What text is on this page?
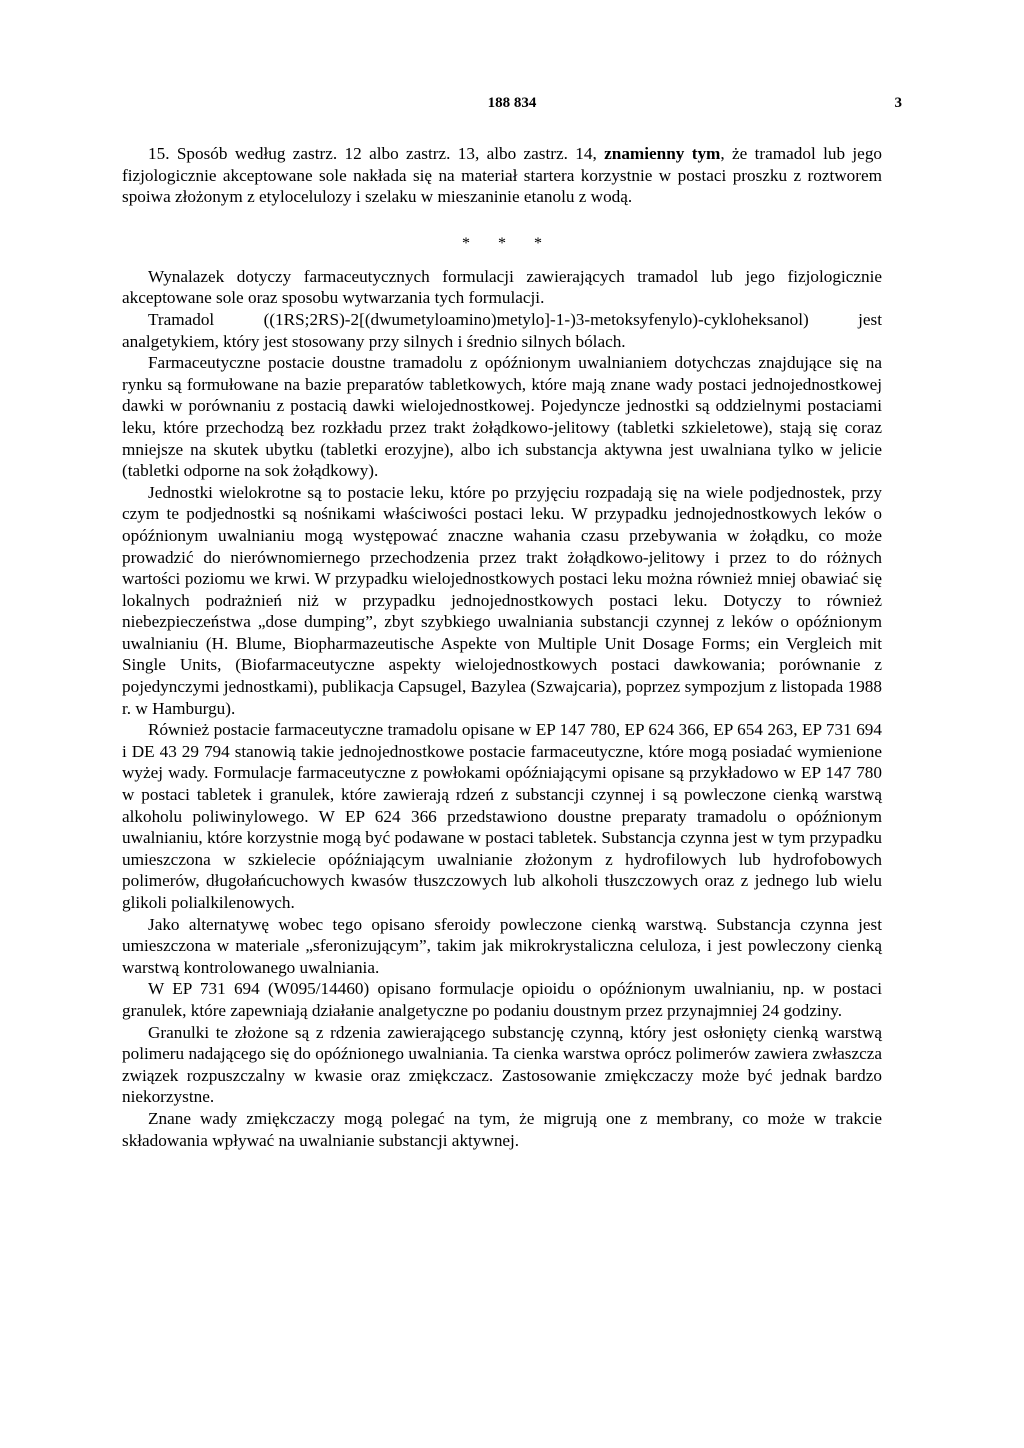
188 834	3

15. Sposób według zastrz. 12 albo zastrz. 13, albo zastrz. 14, znamienny tym, że tramadol lub jego fizjologicznie akceptowane sole nakłada się na materiał startera korzystnie w postaci proszku z roztworem spoiwa złożonym z etylocelulozy i szelaku w mieszaninie etanolu z wodą.

* * *

Wynalazek dotyczy farmaceutycznych formulacji zawierających tramadol lub jego fizjologicznie akceptowane sole oraz sposobu wytwarzania tych formulacji.

Tramadol ((1RS;2RS)-2[(dwumetyloamino)metylo]-1-)3-metoksyfenylo)-cykloheksanol) jest analgetykiem, który jest stosowany przy silnych i średnio silnych bólach.

Farmaceutyczne postacie doustne tramadolu z opóźnionym uwalnianiem dotychczas znajdujące się na rynku są formułowane na bazie preparatów tabletkowych, które mają znane wady postaci jednojednostkowej dawki w porównaniu z postacią dawki wielojednostkowej. Pojedyncze jednostki są oddzielnymi postaciami leku, które przechodzą bez rozkładu przez trakt żołądkowo-jelitowy (tabletki szkieletowe), stają się coraz mniejsze na skutek ubytku (tabletki erozyjne), albo ich substancja aktywna jest uwalniana tylko w jelicie (tabletki odporne na sok żołądkowy).

Jednostki wielokrotne są to postacie leku, które po przyjęciu rozpadają się na wiele podjednostek, przy czym te podjednostki są nośnikami właściwości postaci leku. W przypadku jednojednostkowych leków o opóźnionym uwalnianiu mogą występować znaczne wahania czasu przebywania w żołądku, co może prowadzić do nierównomiernego przechodzenia przez trakt żołądkowo-jelitowy i przez to do różnych wartości poziomu we krwi. W przypadku wielojednostkowych postaci leku można również mniej obawiać się lokalnych podrażnień niż w przypadku jednojednostkowych postaci leku. Dotyczy to również niebezpieczeństwa „dose dumping”, zbyt szybkiego uwalniania substancji czynnej z leków o opóźnionym uwalnianiu (H. Blume, Biopharmazeutische Aspekte von Multiple Unit Dosage Forms; ein Vergleich mit Single Units, (Biofarmaceutyczne aspekty wielojednostkowych postaci dawkowania; porównanie z pojedynczymi jednostkami), publikacja Capsugel, Bazylea (Szwajcaria), poprzez sympozjum z listopada 1988 r. w Hamburgu).

Również postacie farmaceutyczne tramadolu opisane w EP 147 780, EP 624 366, EP 654 263, EP 731 694 i DE 43 29 794 stanowią takie jednojednostkowe postacie farmaceutyczne, które mogą posiadać wymienione wyżej wady. Formulacje farmaceutyczne z powłokami opóźniającymi opisane są przykładowo w EP 147 780 w postaci tabletek i granulek, które zawierają rdzeń z substancji czynnej i są powleczone cienką warstwą alkoholu poliwinylowego. W EP 624 366 przedstawiono doustne preparaty tramadolu o opóźnionym uwalnianiu, które korzystnie mogą być podawane w postaci tabletek. Substancja czynna jest w tym przypadku umieszczona w szkielecie opóźniającym uwalnianie złożonym z hydrofilowych lub hydrofobowych polimerów, długołańcuchowych kwasów tłuszczowych lub alkoholi tłuszczowych oraz z jednego lub wielu glikoli polialkilenowych.

Jako alternatywę wobec tego opisano sferoidy powleczone cienką warstwą. Substancja czynna jest umieszczona w materiale „sferonizującym”, takim jak mikrokrystaliczna celuloza, i jest powleczony cienką warstwą kontrolowanego uwalniania.

W EP 731 694 (W095/14460) opisano formulacje opioidu o opóźnionym uwalnianiu, np. w postaci granulek, które zapewniają działanie analgetyczne po podaniu doustnym przez przynajmniej 24 godziny.

Granulki te złożone są z rdzenia zawierającego substancję czynną, który jest osłonięty cienką warstwą polimeru nadającego się do opóźnionego uwalniania. Ta cienka warstwa oprócz polimerów zawiera zwłaszcza związek rozpuszczalny w kwasie oraz zmiękczacz. Zastosowanie zmiękczaczy może być jednak bardzo niekorzystne.

Znane wady zmiękczaczy mogą polegać na tym, że migrują one z membrany, co może w trakcie składowania wpływać na uwalnianie substancji aktywnej.
